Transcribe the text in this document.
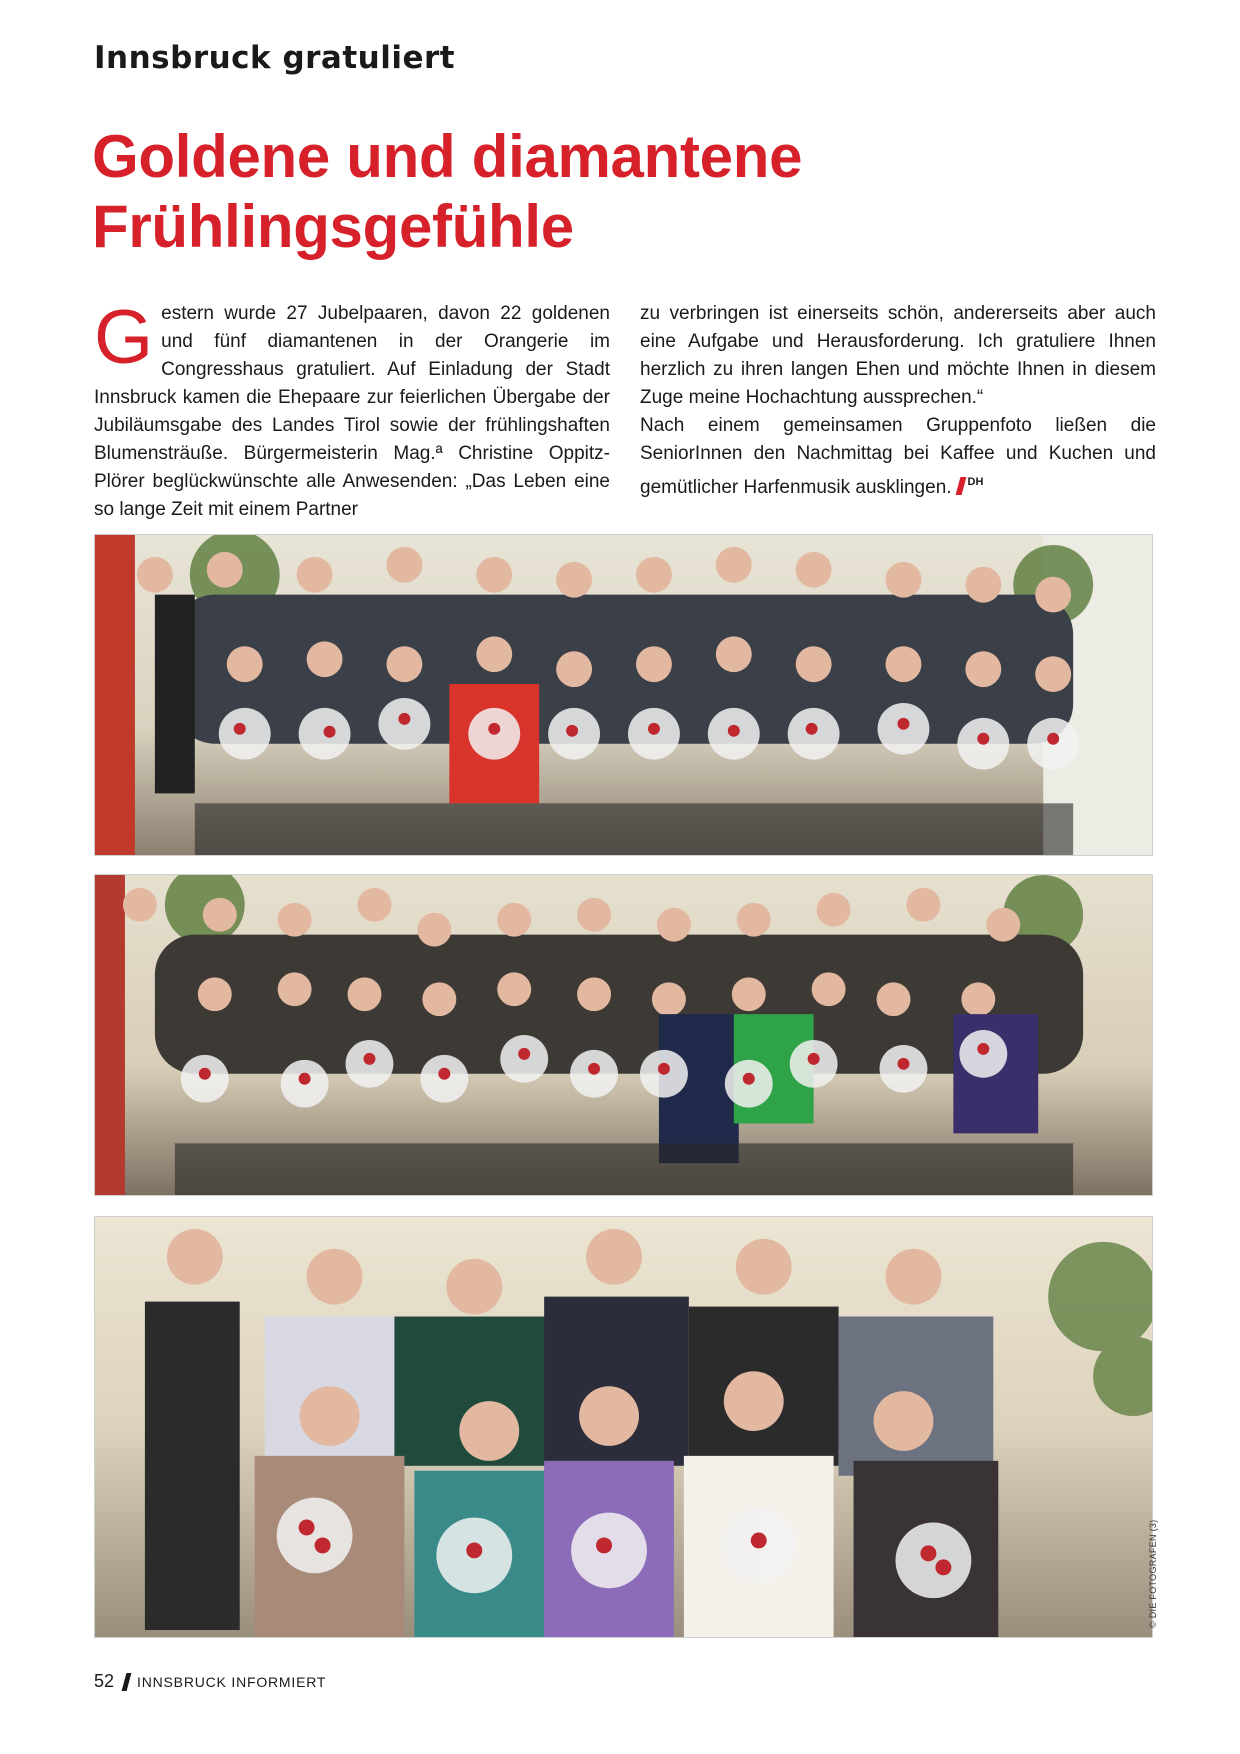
Innsbruck gratuliert
Goldene und diamantene
Frühlingsgefühle

Gestern wurde 27 Jubelpaaren, davon 22 goldenen und fünf diamantenen in der Orangerie im Congresshaus gratuliert. Auf Einladung der Stadt Innsbruck kamen die Ehepaare zur feierlichen Übergabe der Jubiläumsgabe des Landes Tirol sowie der frühlingshaften Blumensträuße. Bürgermeisterin Mag.ª Christine Oppitz-Plörer beglückwünschte alle Anwesenden: „Das Leben eine so lange Zeit mit einem Partner

zu verbringen ist einerseits schön, andererseits aber auch eine Aufgabe und Herausforderung. Ich gratuliere Ihnen herzlich zu ihren langen Ehen und möchte Ihnen in diesem Zuge meine Hochachtung aussprechen.“

Nach einem gemeinsamen Gruppenfoto ließen die SeniorInnen den Nachmittag bei Kaffee und Kuchen und gemütlicher Harfenmusik ausklingen. $^{DH}$

© DIE FOTOGRAFEN (3)
52 INNSBRUCK INFORMIERT
